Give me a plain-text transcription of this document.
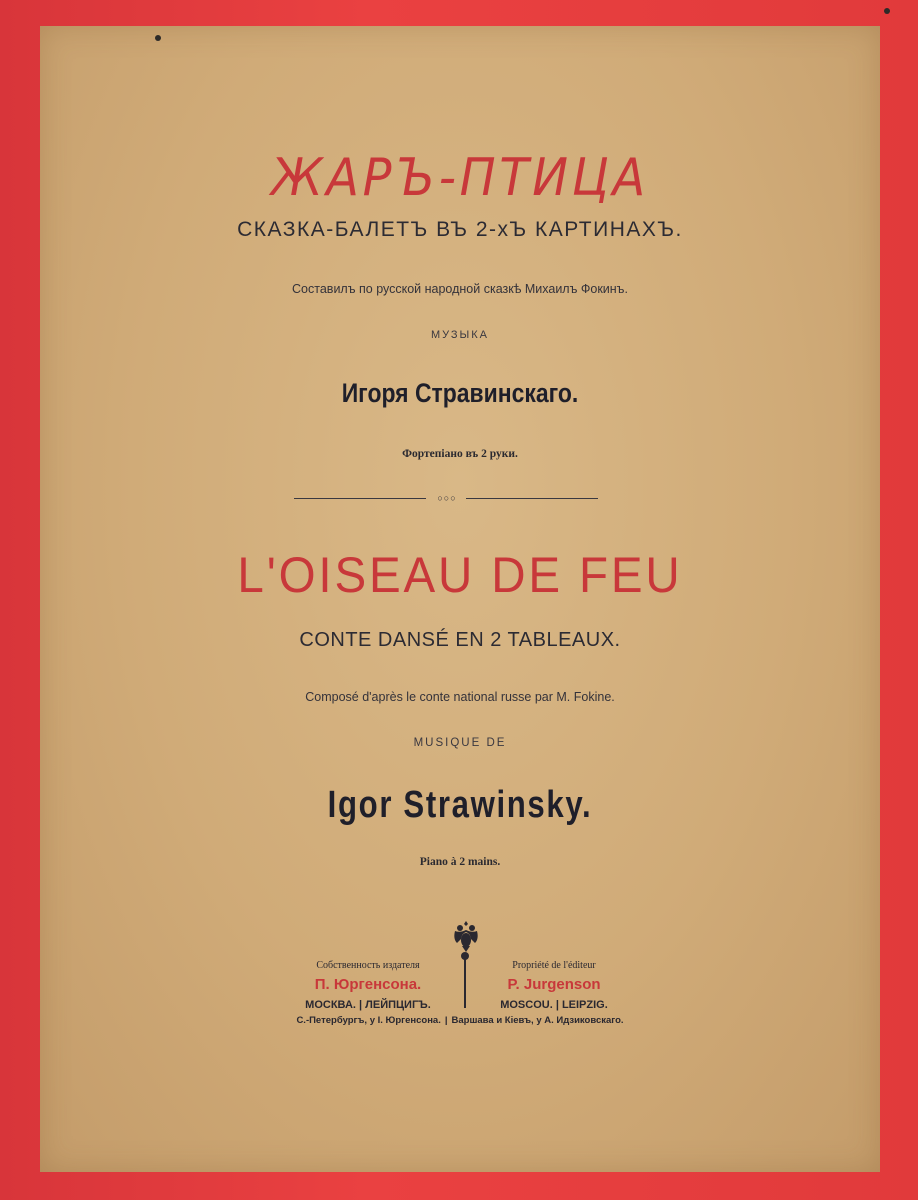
ЖАРЪ-ПТИЦА
СКАЗКА-БАЛЕТЪ ВЪ 2-хЪ КАРТИНАХЪ.
Составилъ по русской народной сказкѣ Михаилъ Фокинъ.
МУЗЫКА
Игоря Стравинскаго.
Фортепiано въ 2 руки.
○○○
L'OISEAU DE FEU
CONTE DANSÉ EN 2 TABLEAUX.
Composé d'après le conte national russe par M. Fokine.
MUSIQUE DE
Igor Strawinsky.
Piano à 2 mains.
Собственность издателя
П. Юргенсона.
МОСКВА. | ЛЕЙПЦИГЪ.
Propriété de l'éditeur
P. Jurgenson
MOSCOU. | LEIPZIG.
С.-Петербургъ, у I. Юргенсона. | Варшава и Кіевъ, у А. Идзиковскаго.
